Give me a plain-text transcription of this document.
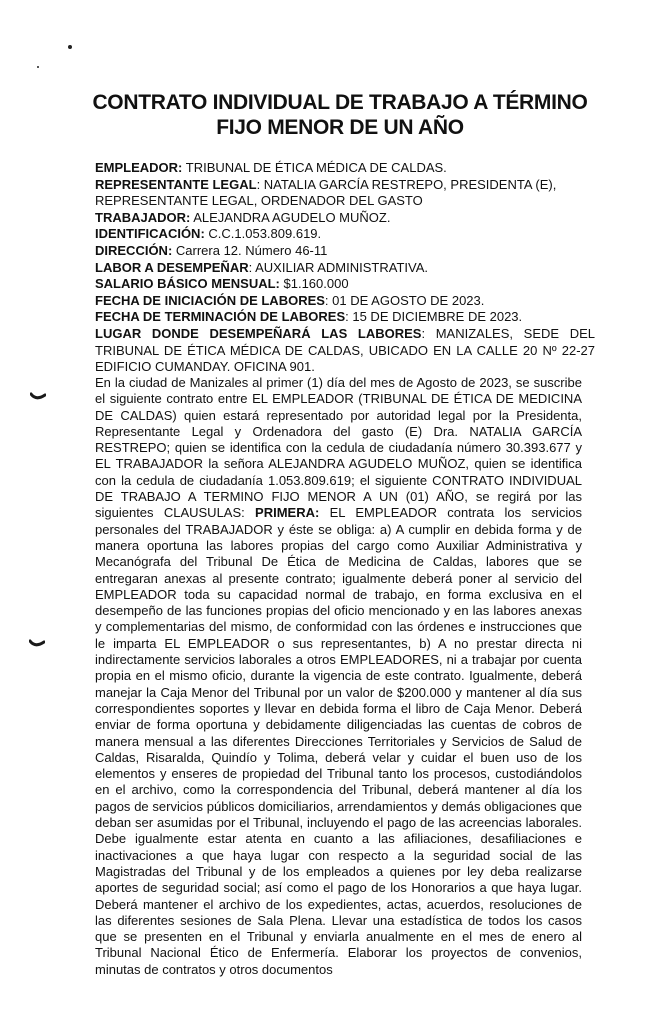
CONTRATO INDIVIDUAL DE TRABAJO A TÉRMINO
FIJO MENOR DE UN AÑO
EMPLEADOR: TRIBUNAL DE ÉTICA MÉDICA DE CALDAS.
REPRESENTANTE LEGAL: NATALIA GARCÍA RESTREPO, PRESIDENTA (E),
REPRESENTANTE LEGAL, ORDENADOR DEL GASTO
TRABAJADOR: ALEJANDRA AGUDELO MUÑOZ.
IDENTIFICACIÓN: C.C.1.053.809.619.
DIRECCIÓN: Carrera 12. Número 46-11
LABOR A DESEMPEÑAR: AUXILIAR ADMINISTRATIVA.
SALARIO BÁSICO MENSUAL: $1.160.000
FECHA DE INICIACIÓN DE LABORES: 01 DE AGOSTO DE 2023.
FECHA DE TERMINACIÓN DE LABORES: 15 DE DICIEMBRE DE 2023.
LUGAR DONDE DESEMPEÑARÁ LAS LABORES: MANIZALES, SEDE DEL TRIBUNAL DE ÉTICA MÉDICA DE CALDAS, UBICADO EN LA CALLE 20 Nº 22-27 EDIFICIO CUMANDAY. OFICINA 901.

En la ciudad de Manizales al primer (1) día del mes de Agosto de 2023, se suscribe el siguiente contrato entre EL EMPLEADOR (TRIBUNAL DE ÉTICA DE MEDICINA DE CALDAS) quien estará representado por autoridad legal por la Presidenta, Representante Legal y Ordenadora del gasto (E) Dra. NATALIA GARCÍA RESTREPO; quien se identifica con la cedula de ciudadanía número 30.393.677 y EL TRABAJADOR la señora ALEJANDRA AGUDELO MUÑOZ, quien se identifica con la cedula de ciudadanía 1.053.809.619; el siguiente CONTRATO INDIVIDUAL DE TRABAJO A TERMINO FIJO MENOR A UN (01) AÑO, se regirá por las siguientes CLAUSULAS: PRIMERA: EL EMPLEADOR contrata los servicios personales del TRABAJADOR y éste se obliga: a) A cumplir en debida forma y de manera oportuna las labores propias del cargo como Auxiliar Administrativa y Mecanógrafa del Tribunal De Ética de Medicina de Caldas, labores que se entregaran anexas al presente contrato; igualmente deberá poner al servicio del EMPLEADOR toda su capacidad normal de trabajo, en forma exclusiva en el desempeño de las funciones propias del oficio mencionado y en las labores anexas y complementarias del mismo, de conformidad con las órdenes e instrucciones que le imparta EL EMPLEADOR o sus representantes, b) A no prestar directa ni indirectamente servicios laborales a otros EMPLEADORES, ni a trabajar por cuenta propia en el mismo oficio, durante la vigencia de este contrato. Igualmente, deberá manejar la Caja Menor del Tribunal por un valor de $200.000 y mantener al día sus correspondientes soportes y llevar en debida forma el libro de Caja Menor. Deberá enviar de forma oportuna y debidamente diligenciadas las cuentas de cobros de manera mensual a las diferentes Direcciones Territoriales y Servicios de Salud de Caldas, Risaralda, Quindío y Tolima, deberá velar y cuidar el buen uso de los elementos y enseres de propiedad del Tribunal tanto los procesos, custodiándolos en el archivo, como la correspondencia del Tribunal, deberá mantener al día los pagos de servicios públicos domiciliarios, arrendamientos y demás obligaciones que deban ser asumidas por el Tribunal, incluyendo el pago de las acreencias laborales. Debe igualmente estar atenta en cuanto a las afiliaciones, desafiliaciones e inactivaciones a que haya lugar con respecto a la seguridad social de las Magistradas del Tribunal y de los empleados a quienes por ley deba realizarse aportes de seguridad social; así como el pago de los Honorarios a que haya lugar. Deberá mantener el archivo de los expedientes, actas, acuerdos, resoluciones de las diferentes sesiones de Sala Plena. Llevar una estadística de todos los casos que se presenten en el Tribunal y enviarla anualmente en el mes de enero al Tribunal Nacional Ético de Enfermería. Elaborar los proyectos de convenios, minutas de contratos y otros documentos
